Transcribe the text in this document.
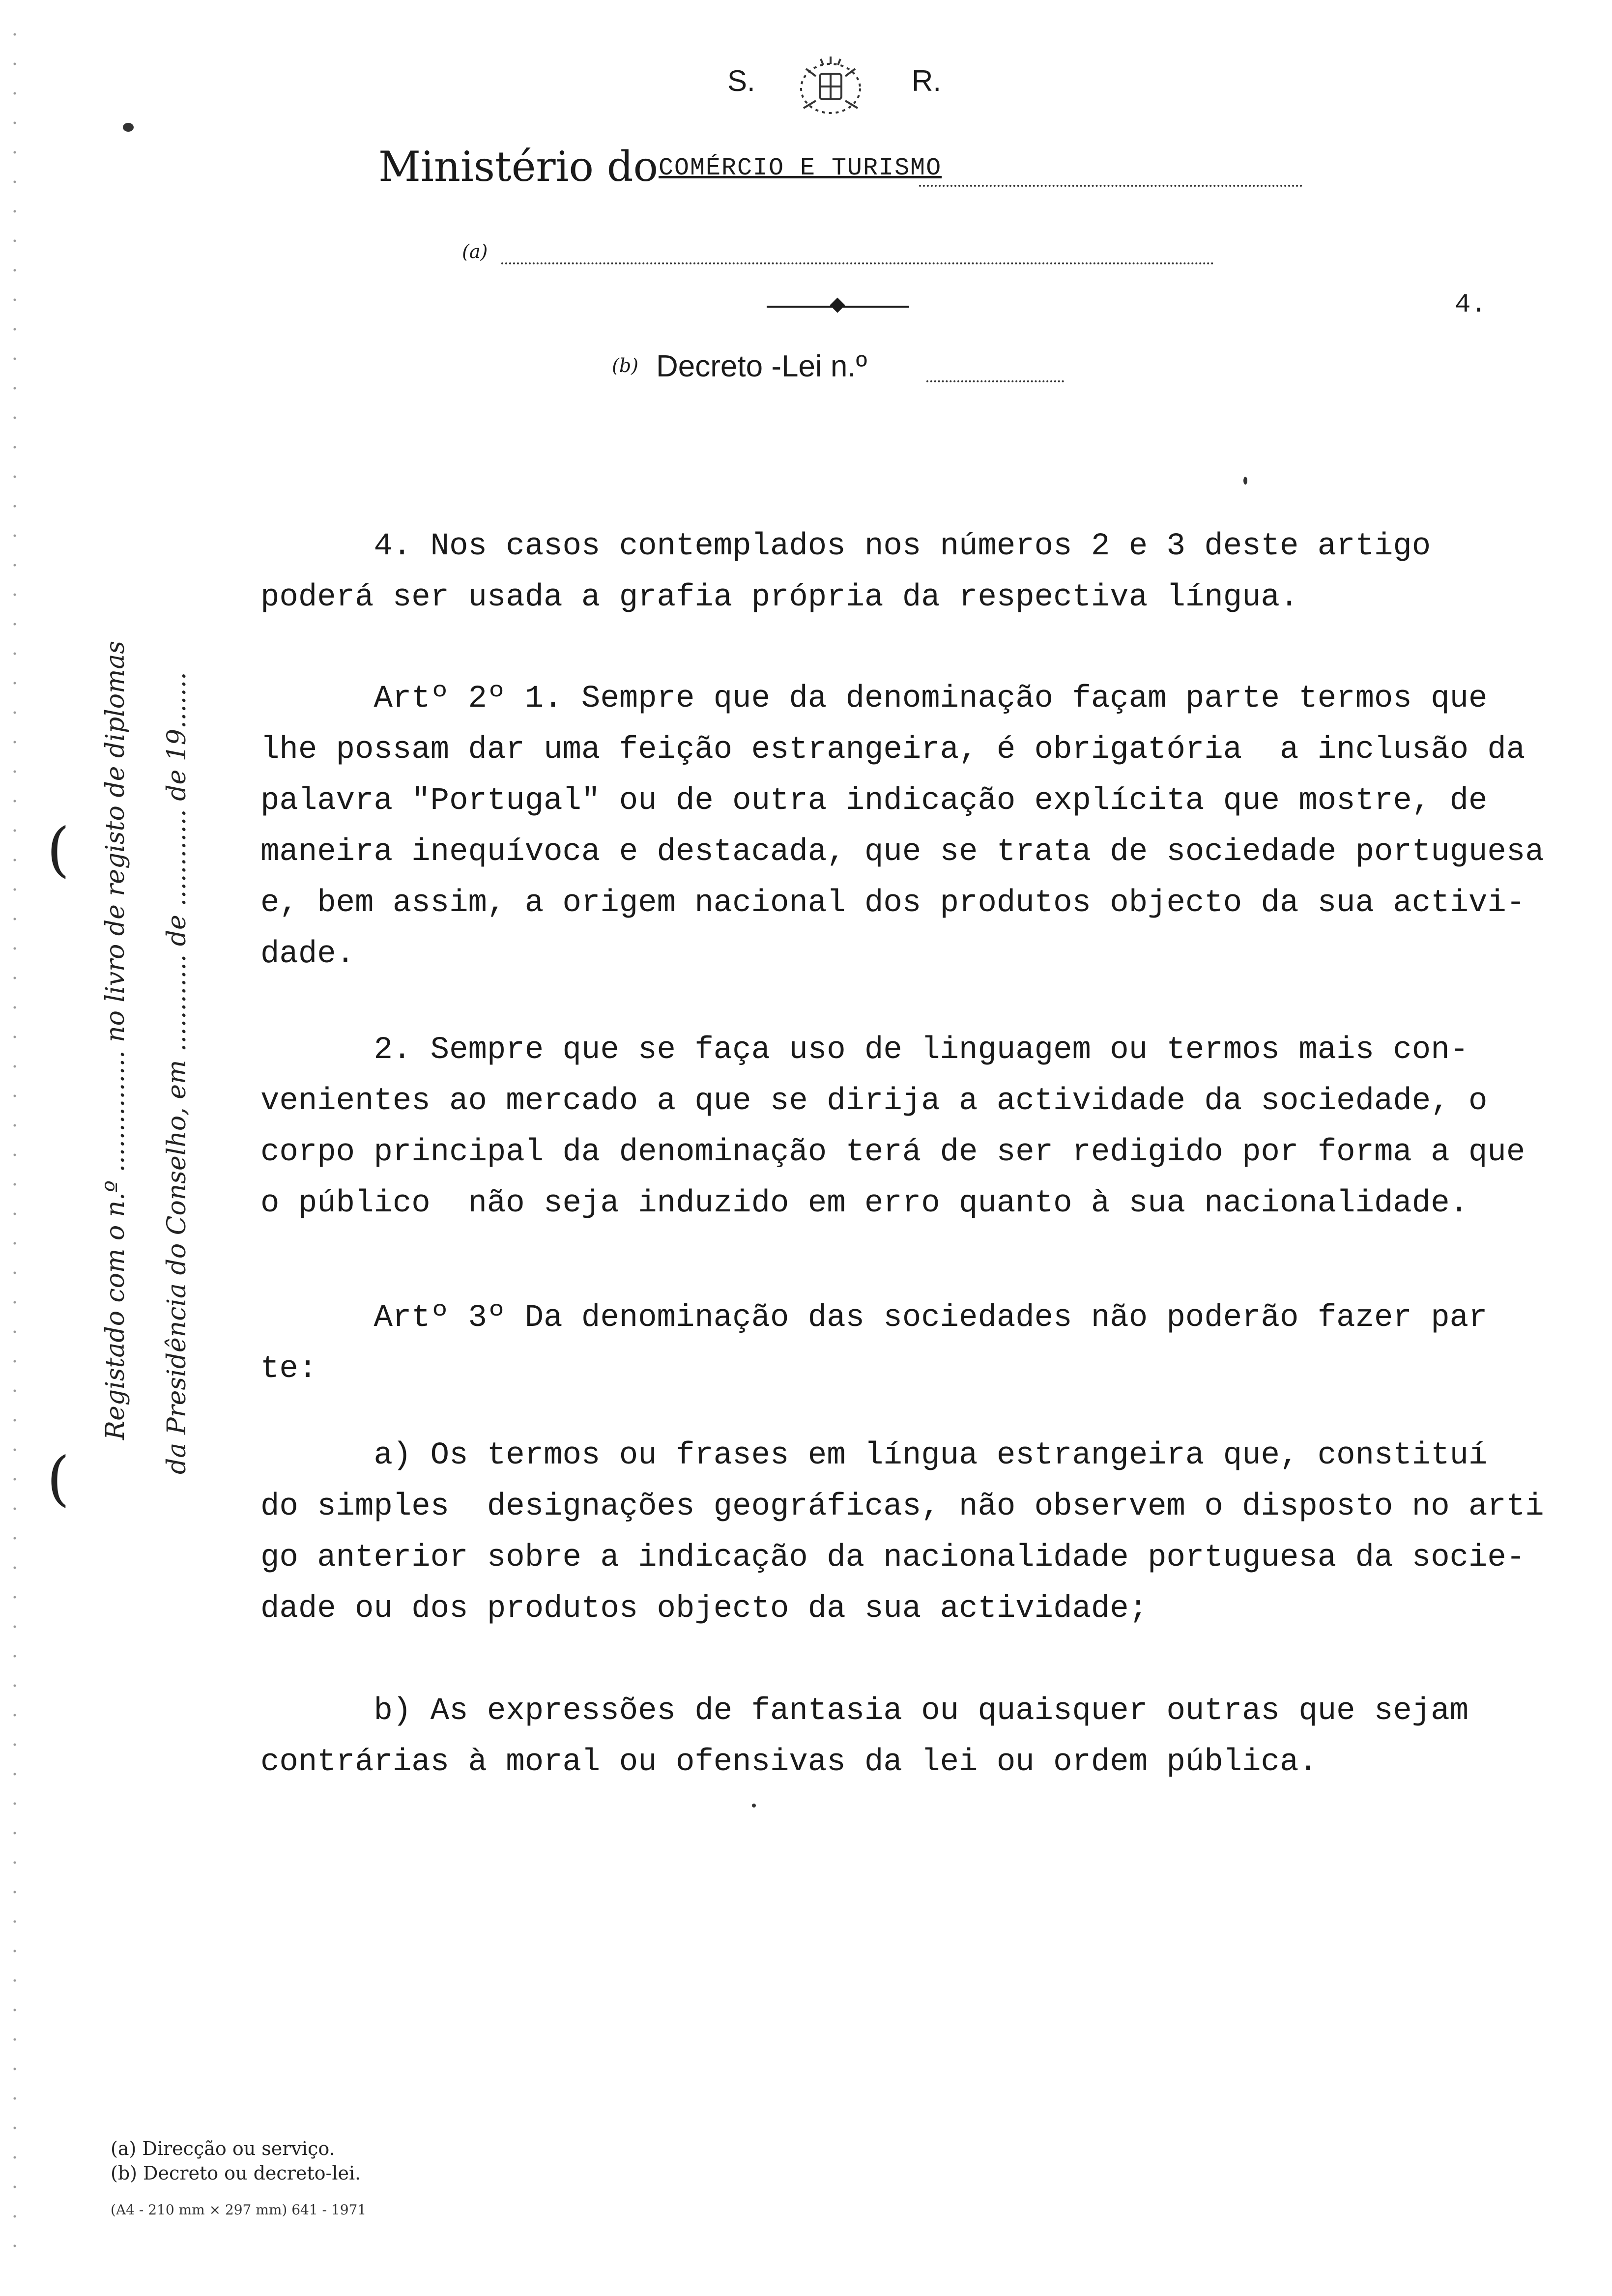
S.	R.
Ministério do COMÉRCIO E TURISMO
(a)
4.
(b) Decreto -Lei n.º

4. Nos casos contemplados nos números 2 e 3 deste artigo
poderá ser usada a grafia própria da respectiva língua.

Artº 2º 1. Sempre que da denominação façam parte termos que
lhe possam dar uma feição estrangeira, é obrigatória  a inclusão da
palavra "Portugal" ou de outra indicação explícita que mostre, de
maneira inequívoca e destacada, que se trata de sociedade portuguesa
e, bem assim, a origem nacional dos produtos objecto da sua activi-
dade.

2. Sempre que se faça uso de linguagem ou termos mais con-
venientes ao mercado a que se dirija a actividade da sociedade, o
corpo principal da denominação terá de ser redigido por forma a que
o público  não seja induzido em erro quanto à sua nacionalidade.

Artº 3º Da denominação das sociedades não poderão fazer par
te:

a) Os termos ou frases em língua estrangeira que, constituí
do simples  designações geográficas, não observem o disposto no arti
go anterior sobre a indicação da nacionalidade portuguesa da socie-
dade ou dos produtos objecto da sua actividade;

b) As expressões de fantasia ou quaisquer outras que sejam
contrárias à moral ou ofensivas da lei ou ordem pública.

Registado com o n.º ............... no livro de registo de diplomas da Presidência do Conselho, em ............ de ............ de 19.......
(
(
(a) Direcção ou serviço.
(b) Decreto ou decreto-lei.
(A4 - 210 mm × 297 mm) 641 - 1971
